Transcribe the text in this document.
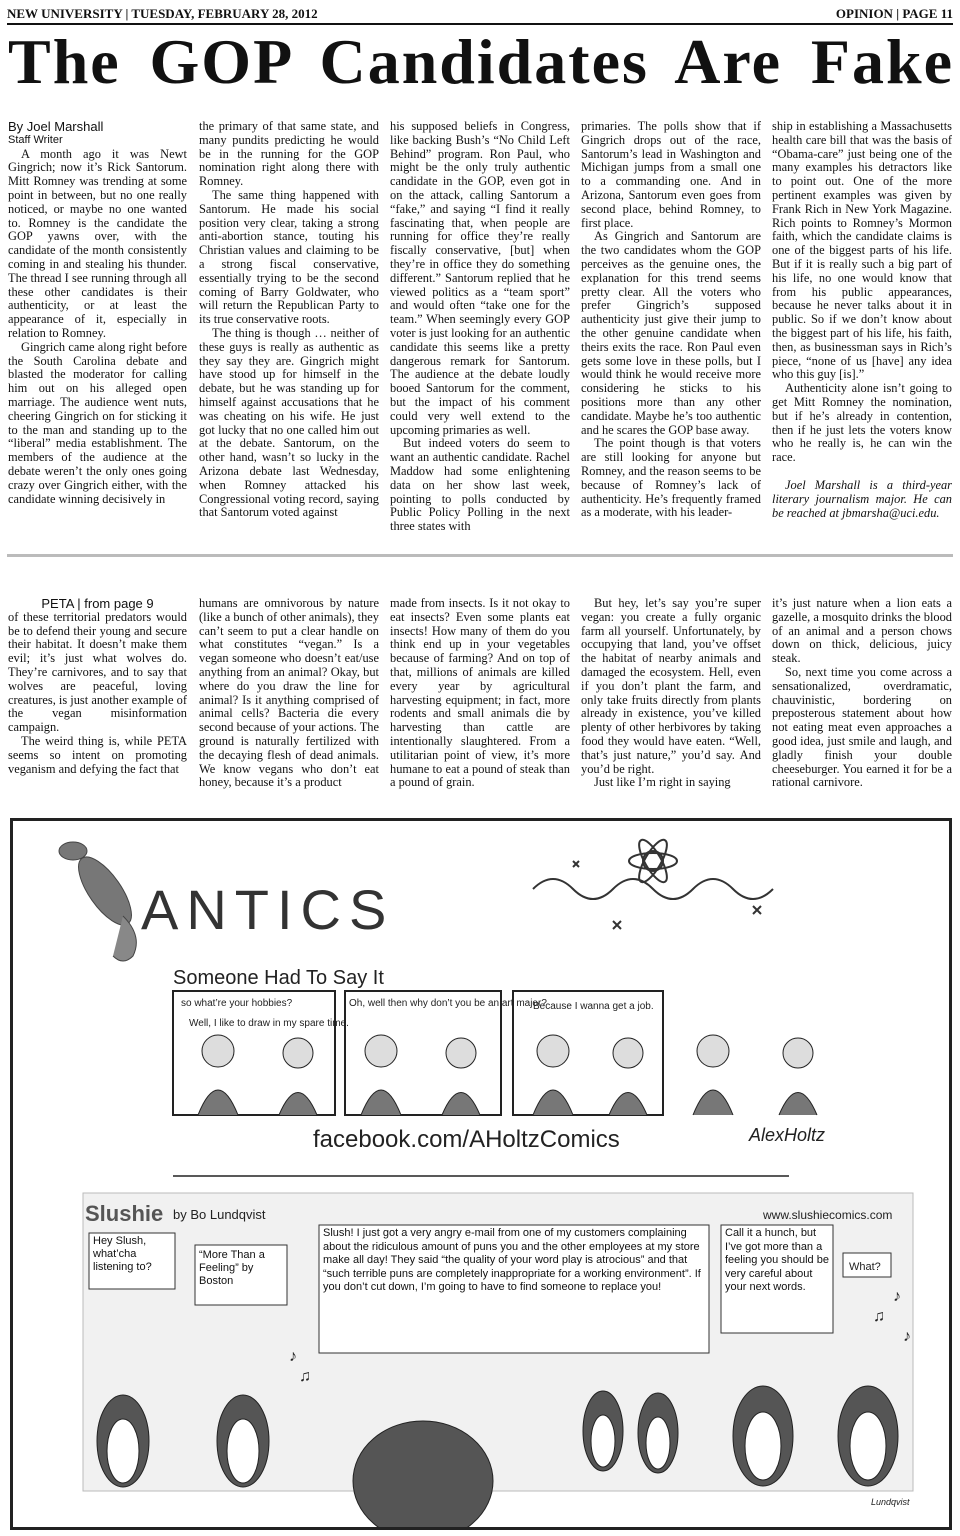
NEW UNIVERSITY | TUESDAY, FEBRUARY 28, 2012	OPINION | PAGE 11
The GOP Candidates Are Fake

By Joel Marshall

Staff Writer

A month ago it was Newt Gingrich; now it’s Rick Santorum. Mitt Romney was trending at some point in between, but no one really noticed, or maybe no one wanted to. Romney is the candidate the GOP yawns over, with the candidate of the month consistently coming in and stealing his thunder. The thread I see running through all these other candidates is their authenticity, or at least the appearance of it, especially in relation to Romney.

Gingrich came along right before the South Carolina debate and blasted the moderator for calling him out on his alleged open marriage. The audience went nuts, cheering Gingrich on for sticking it to the man and standing up to the “liberal” media establishment. The members of the audience at the debate weren’t the only ones going crazy over Gingrich either, with the candidate winning decisively in

the primary of that same state, and many pundits predicting he would be in the running for the GOP nomination right along there with Romney.

The same thing happened with Santorum. He made his social position very clear, taking a strong anti-abortion stance, touting his Christian values and claiming to be a strong fiscal conservative, essentially trying to be the second coming of Barry Goldwater, who will return the Republican Party to its true conservative roots.

The thing is though … neither of these guys is really as authentic as they say they are. Gingrich might have stood up for himself in the debate, but he was standing up for himself against accusations that he was cheating on his wife. He just got lucky that no one called him out at the debate. Santorum, on the other hand, wasn’t so lucky in the Arizona debate last Wednesday, when Romney attacked his Congressional voting record, saying that Santorum voted against

his supposed beliefs in Congress, like backing Bush’s “No Child Left Behind” program. Ron Paul, who might be the only truly authentic candidate in the GOP, even got in on the attack, calling Santorum a “fake,” and saying “I find it really fascinating that, when people are running for office they’re really fiscally conservative, [but] when they’re in office they do something different.” Santorum replied that he viewed politics as a “team sport” and would often “take one for the team.” When seemingly every GOP voter is just looking for an authentic candidate this seems like a pretty dangerous remark for Santorum. The audience at the debate loudly booed Santorum for the comment, but the impact of his comment could very well extend to the upcoming primaries as well.

But indeed voters do seem to want an authentic candidate. Rachel Maddow had some enlightening data on her show last week, pointing to polls conducted by Public Policy Polling in the next three states with

primaries. The polls show that if Gingrich drops out of the race, Santorum’s lead in Washington and Michigan jumps from a small one to a commanding one. And in Arizona, Santorum even goes from second place, behind Romney, to first place.

As Gingrich and Santorum are the two candidates whom the GOP perceives as the genuine ones, the explanation for this trend seems pretty clear. All the voters who prefer Gingrich’s supposed authenticity just give their jump to the other genuine candidate when theirs exits the race. Ron Paul even gets some love in these polls, but I would think he would receive more considering he sticks to his positions more than any other candidate. Maybe he’s too authentic and he scares the GOP base away.

The point though is that voters are still looking for anyone but Romney, and the reason seems to be because of Romney’s lack of authenticity. He’s frequently framed as a moderate, with his leader-

ship in establishing a Massachusetts health care bill that was the basis of “Obama-care” just being one of the many examples his detractors like to point out. One of the more pertinent examples was given by Frank Rich in New York Magazine. Rich points to Romney’s Mormon faith, which the candidate claims is one of the biggest parts of his life. But if it is really such a big part of his life, no one would know that from his public appearances, because he never talks about it in public. So if we don’t know about the biggest part of his life, his faith, then, as businessman says in Rich’s piece, “none of us [have] any idea who this guy [is].”

Authenticity alone isn’t going to get Mitt Romney the nomination, but if he’s already in contention, then if he just lets the voters know who he really is, he can win the race.

Joel Marshall is a third-year literary journalism major. He can be reached at jbmarsha@uci.edu.

PETA | from page 9

of these territorial predators would be to defend their young and secure their habitat. It doesn’t make them evil; it’s just what wolves do. They’re carnivores, and to say that wolves are peaceful, loving creatures, is just another example of the vegan misinformation campaign.

The weird thing is, while PETA seems so intent on promoting veganism and defying the fact that

humans are omnivorous by nature (like a bunch of other animals), they can’t seem to put a clear handle on what constitutes “vegan.” Is a vegan someone who doesn’t eat/use anything from an animal? Okay, but where do you draw the line for animal? Is it anything comprised of animal cells? Bacteria die every second because of your actions. The ground is naturally fertilized with the decaying flesh of dead animals. We know vegans who don’t eat honey, because it’s a product

made from insects. Is it not okay to eat insects? Even some plants eat insects! How many of them do you think end up in your vegetables because of farming? And on top of that, millions of animals are killed every year by agricultural harvesting equipment; in fact, more rodents and small animals die by harvesting than cattle are intentionally slaughtered. From a utilitarian point of view, it’s more humane to eat a pound of steak than a pound of grain.

But hey, let’s say you’re super vegan: you create a fully organic farm all yourself. Unfortunately, by occupying that land, you’ve offset the habitat of nearby animals and damaged the ecosystem. Hell, even if you don’t plant the farm, and only take fruits directly from plants already in existence, you’ve killed plenty of other herbivores by taking food they would have eaten. “Well, that’s just nature,” you’d say. And you’d be right.

Just like I’m right in saying

it’s just nature when a lion eats a gazelle, a mosquito drinks the blood of an animal and a person chows down on thick, delicious, juicy steak.

So, next time you come across a sensationalized, overdramatic, chauvinistic, bordering on preposterous statement about how not eating meat even approaches a good idea, just smile and laugh, and gladly finish your double cheeseburger. You earned it for be a rational carnivore.

ANTICS
Someone Had To Say It
so what’re your hobbies?
Well, I like to draw in my spare time.
Oh, well then why don’t you be an art major?
Because I wanna get a job.
facebook.com/AHoltzComics	AlexHoltz
Slushie by Bo Lundqvist	www.slushiecomics.com
♪
♫
♪
♫
♪
Hey Slush, what’cha listening to?
“More Than a Feeling” by Boston
Slush! I just got a very angry e-mail from one of my customers complaining about the ridiculous amount of puns you and the other employees at my store make all day! They said “the quality of your word play is atrocious” and that “such terrible puns are completely inappropriate for a working environment”. If you don’t cut down, I’m going to have to find someone to replace you!
Call it a hunch, but I’ve got more than a feeling you should be very careful about your next words.
What?
Lundqvist
